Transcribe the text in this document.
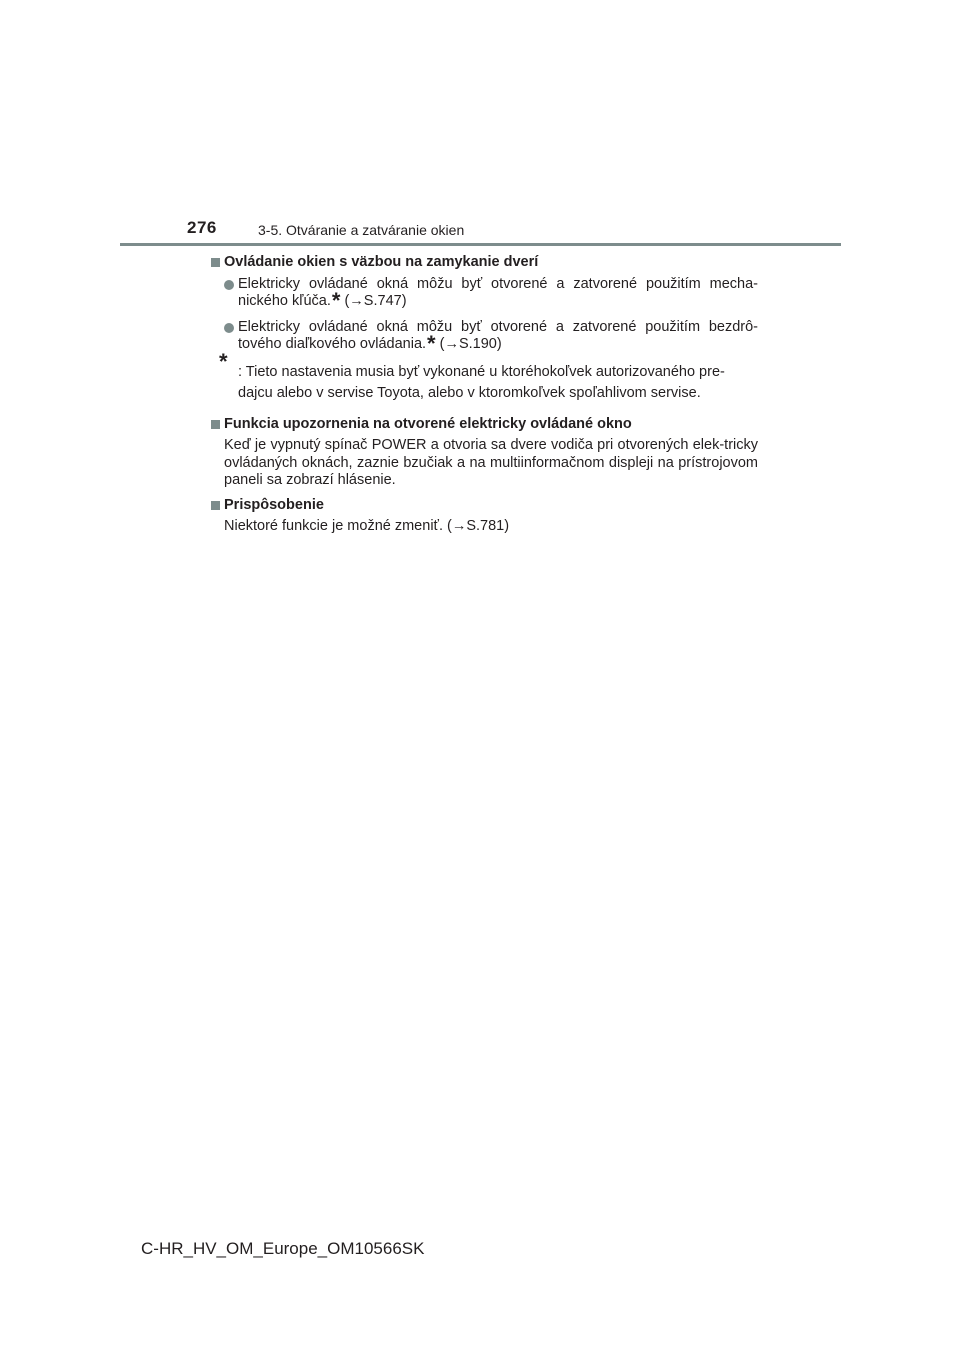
276	3-5. Otváranie a zatváranie okien
Ovládanie okien s väzbou na zamykanie dverí
Elektricky ovládané okná môžu byť otvorené a zatvorené použitím mecha-nického kľúča.* (→S.747)
Elektricky ovládané okná môžu byť otvorené a zatvorené použitím bezdrô-tového diaľkového ovládania.* (→S.190)
* : Tieto nastavenia musia byť vykonané u ktoréhokoľvek autorizovaného pre-dajcu alebo v servise Toyota, alebo v ktoromkoľvek spoľahlivom servise.
Funkcia upozornenia na otvorené elektricky ovládané okno
Keď je vypnutý spínač POWER a otvoria sa dvere vodiča pri otvorených elek-tricky ovládaných oknách, zaznie bzučiak a na multiinformačnom displeji na prístrojovom paneli sa zobrazí hlásenie.
Prispôsobenie
Niektoré funkcie je možné zmeniť. (→S.781)
C-HR_HV_OM_Europe_OM10566SK
